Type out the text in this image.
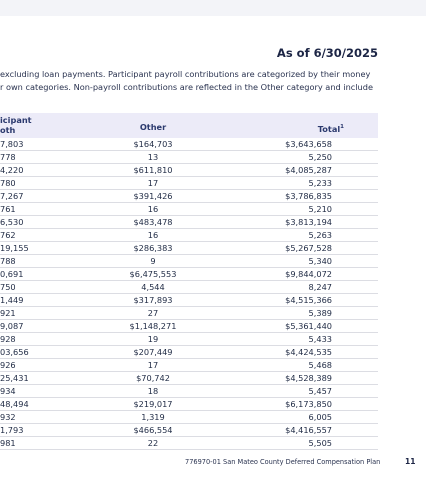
As of 6/30/2025

excluding loan payments. Participant payroll contributions are categorized by their money

r own categories. Non-payroll contributions are reflected in the Other category and include

icipant
oth	Other	Total$^1$
7,803	$164,703	$3,643,658
778	13	5,250
4,220	$611,810	$4,085,287
780	17	5,233
7,267	$391,426	$3,786,835
761	16	5,210
6,530	$483,478	$3,813,194
762	16	5,263
19,155	$286,383	$5,267,528
788	9	5,340
0,691	$6,475,553	$9,844,072
750	4,544	8,247
1,449	$317,893	$4,515,366
921	27	5,389
9,087	$1,148,271	$5,361,440
928	19	5,433
03,656	$207,449	$4,424,535
926	17	5,468
25,431	$70,742	$4,528,389
934	18	5,457
48,494	$219,017	$6,173,850
932	1,319	6,005
1,793	$466,554	$4,416,557
981	22	5,505
776970-01 San Mateo County Deferred Compensation Plan	11
